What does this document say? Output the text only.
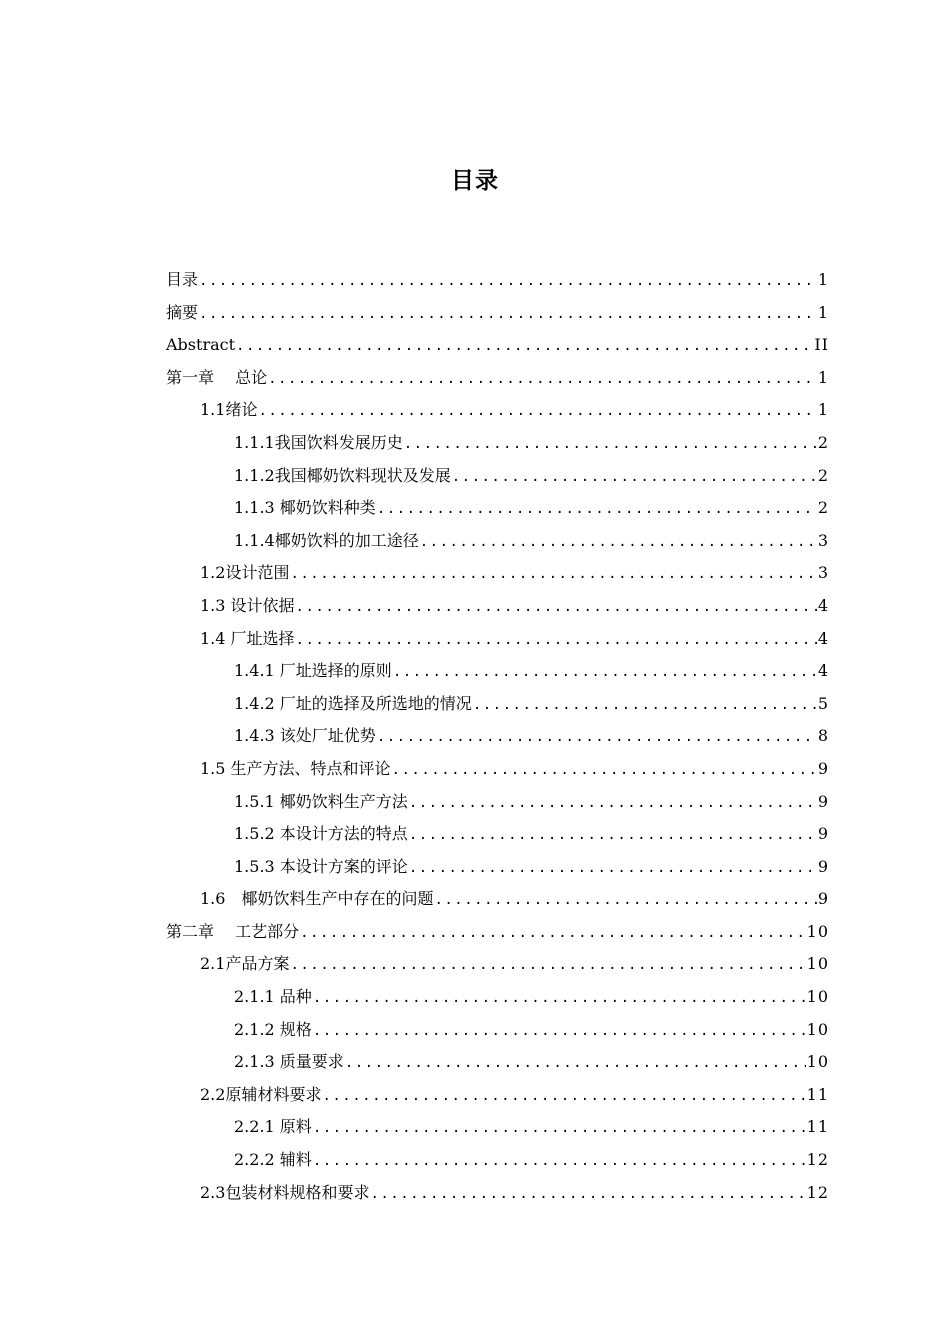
目录
目录 .....	1
摘要 .....	1
Abstract .....	II
第一章　 总论 .....	1
1.1绪论 .....	1
1.1.1我国饮料发展历史 .....	2
1.1.2我国椰奶饮料现状及发展 .....	2
1.1.3 椰奶饮料种类 .....	2
1.1.4椰奶饮料的加工途径 .....	3
1.2设计范围 .....	3
1.3 设计依据 .....	4
1.4 厂址选择 .....	4
1.4.1 厂址选择的原则 .....	4
1.4.2 厂址的选择及所选地的情况 .....	5
1.4.3 该处厂址优势 .....	8
1.5 生产方法、特点和评论 .....	9
1.5.1 椰奶饮料生产方法 .....	9
1.5.2 本设计方法的特点 .....	9
1.5.3 本设计方案的评论 .....	9
1.6　椰奶饮料生产中存在的问题 .....	9
第二章　 工艺部分 .....	10
2.1产品方案 .....	10
2.1.1 品种 .....	10
2.1.2 规格 .....	10
2.1.3 质量要求 .....	10
2.2原辅材料要求 .....	11
2.2.1 原料 .....	11
2.2.2 辅料 .....	12
2.3包装材料规格和要求 .....	12
